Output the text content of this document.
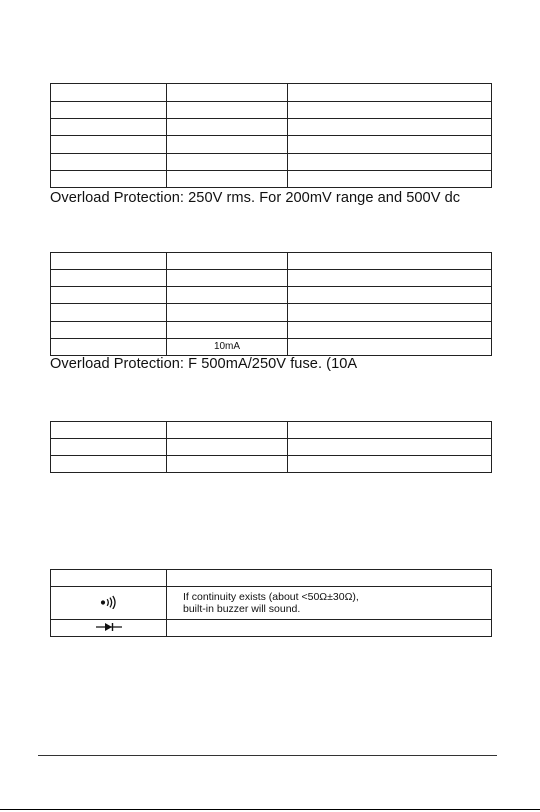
Overload Protection: 250V rms. For 200mV range and 500V dc

	10mA	

Overload Protection: F 500mA/250V fuse. (10A

If continuity exists (about <50Ω±30Ω),
built-in buzzer will sound.
